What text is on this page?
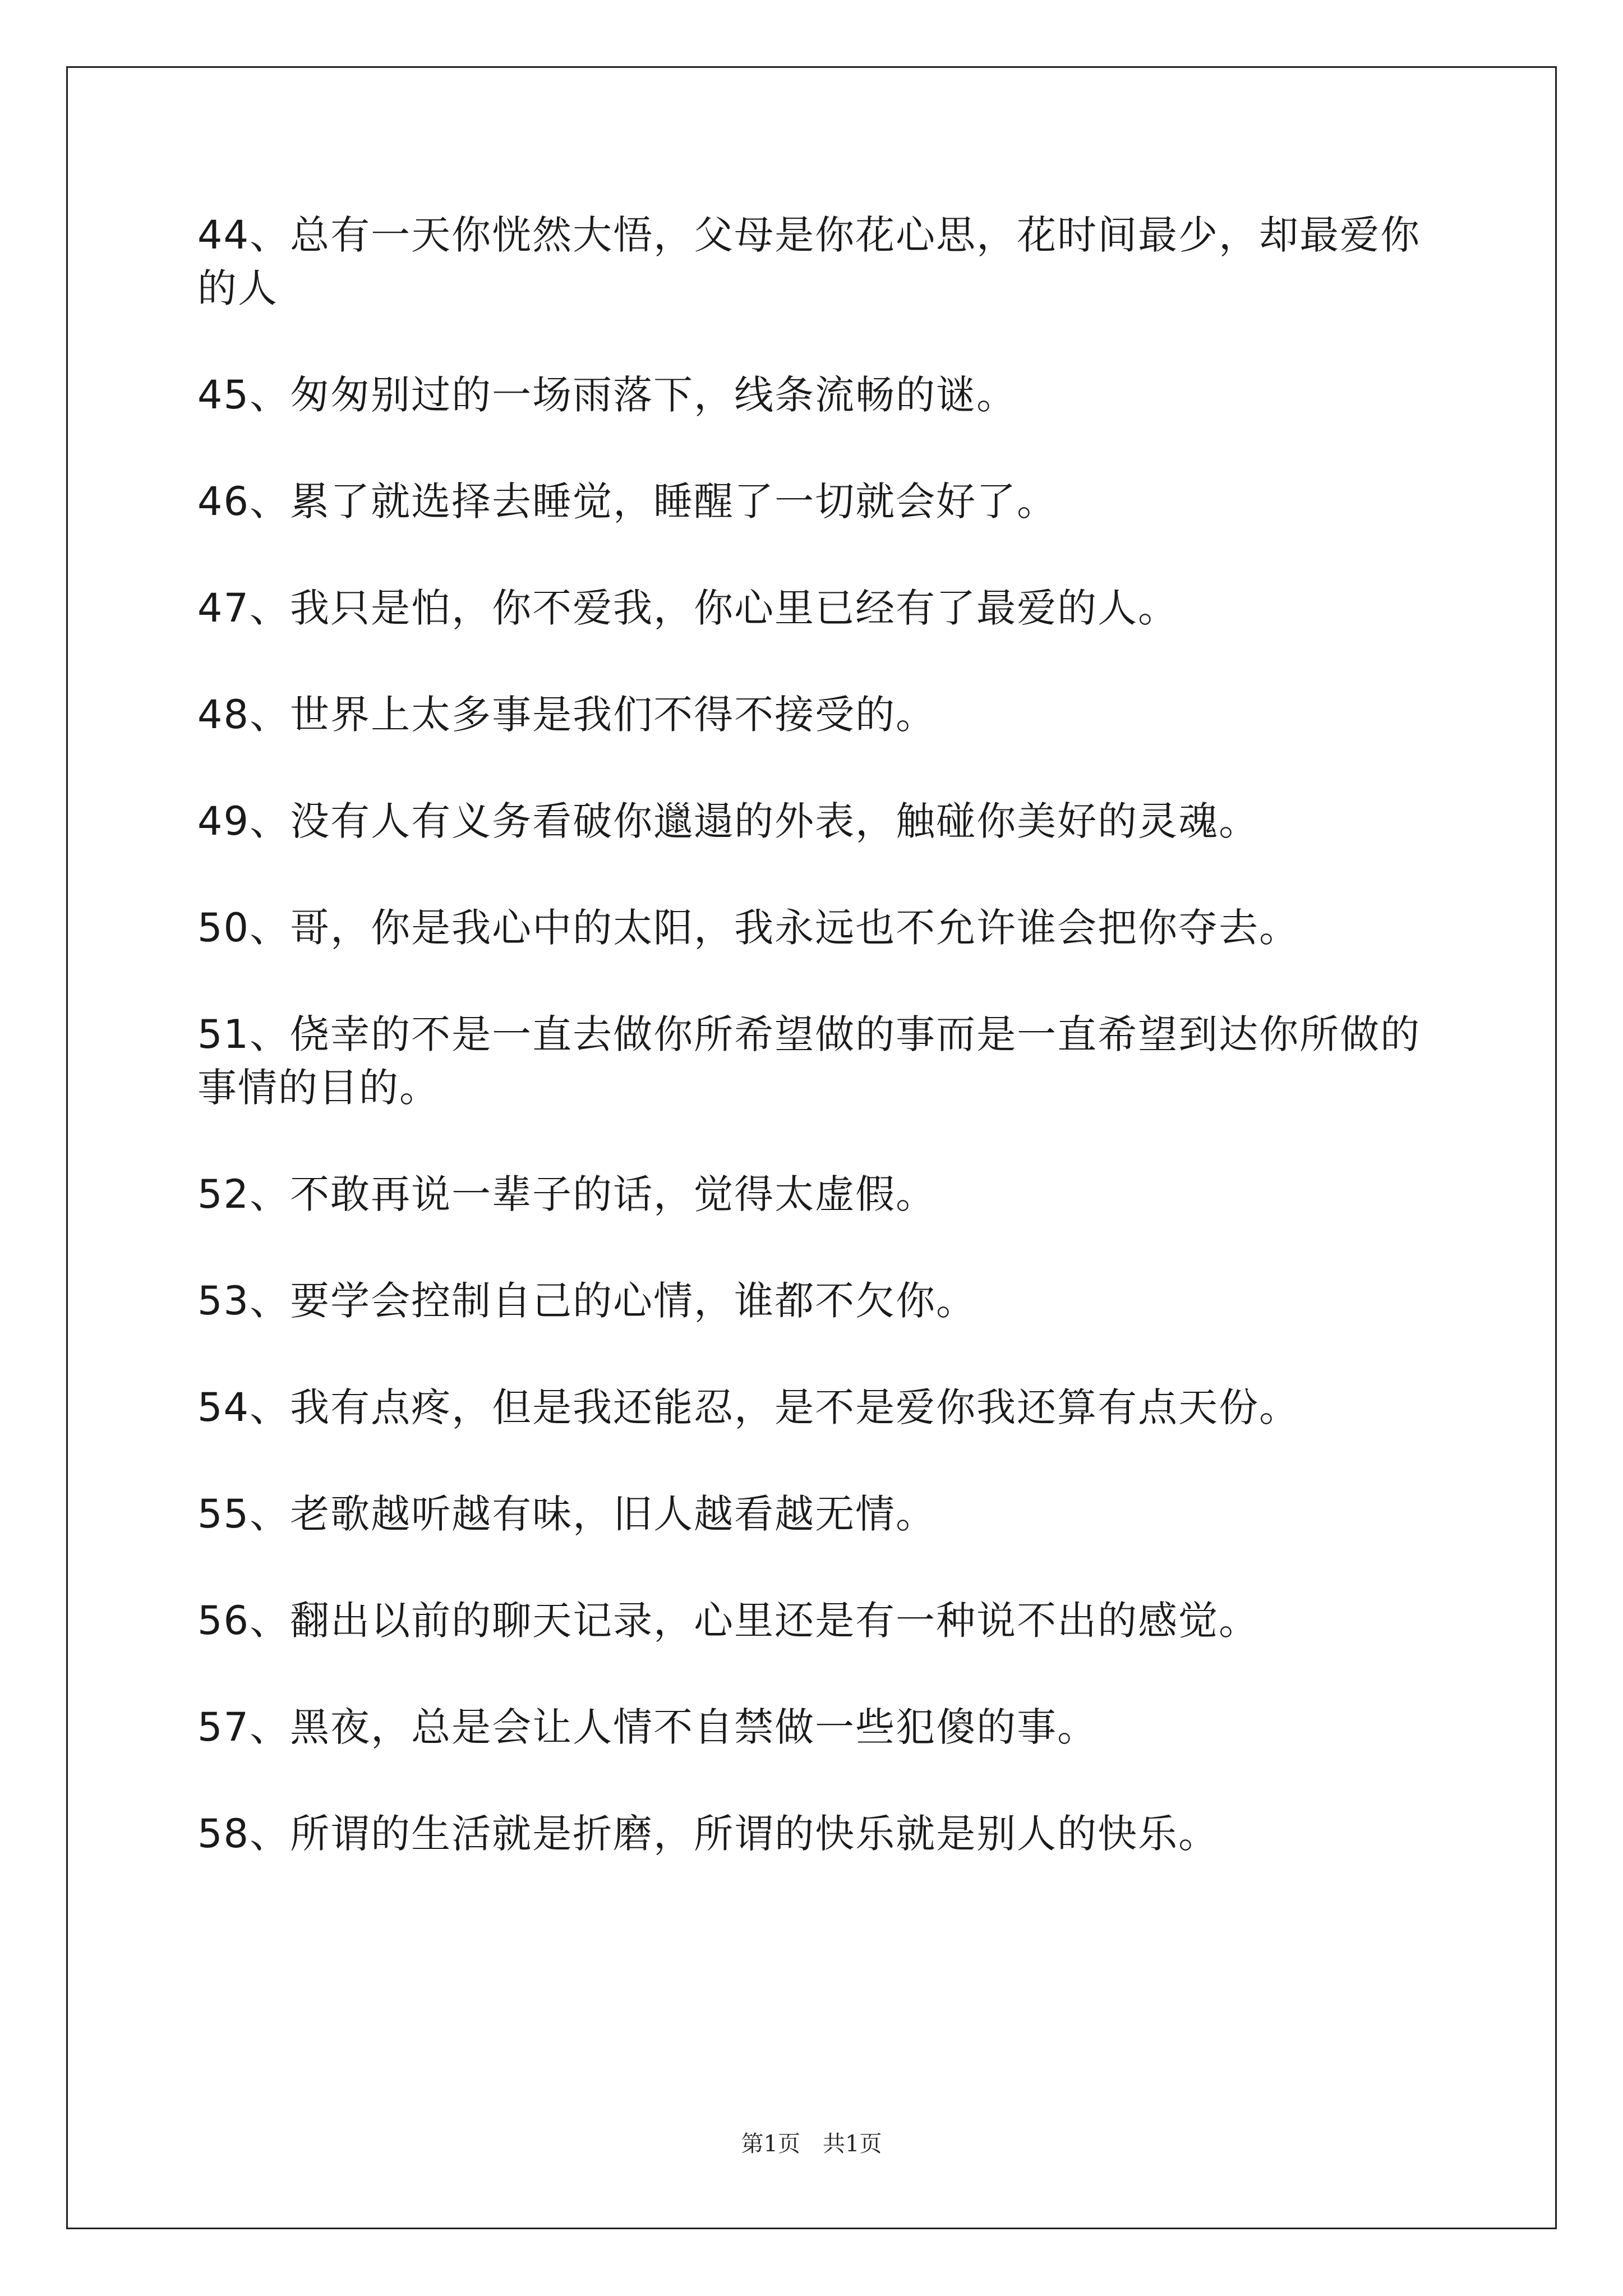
44、总有一天你恍然大悟，父母是你花心思，花时间最少，却最爱你的人

45、匆匆别过的一场雨落下，线条流畅的谜。

46、累了就选择去睡觉，睡醒了一切就会好了。

47、我只是怕，你不爱我，你心里已经有了最爱的人。

48、世界上太多事是我们不得不接受的。

49、没有人有义务看破你邋遢的外表，触碰你美好的灵魂。

50、哥，你是我心中的太阳，我永远也不允许谁会把你夺去。

51、侥幸的不是一直去做你所希望做的事而是一直希望到达你所做的事情的目的。

52、不敢再说一辈子的话，觉得太虚假。

53、要学会控制自己的心情，谁都不欠你。

54、我有点疼，但是我还能忍，是不是爱你我还算有点天份。

55、老歌越听越有味，旧人越看越无情。

56、翻出以前的聊天记录，心里还是有一种说不出的感觉。

57、黑夜，总是会让人情不自禁做一些犯傻的事。

58、所谓的生活就是折磨，所谓的快乐就是别人的快乐。

第1页　共1页
